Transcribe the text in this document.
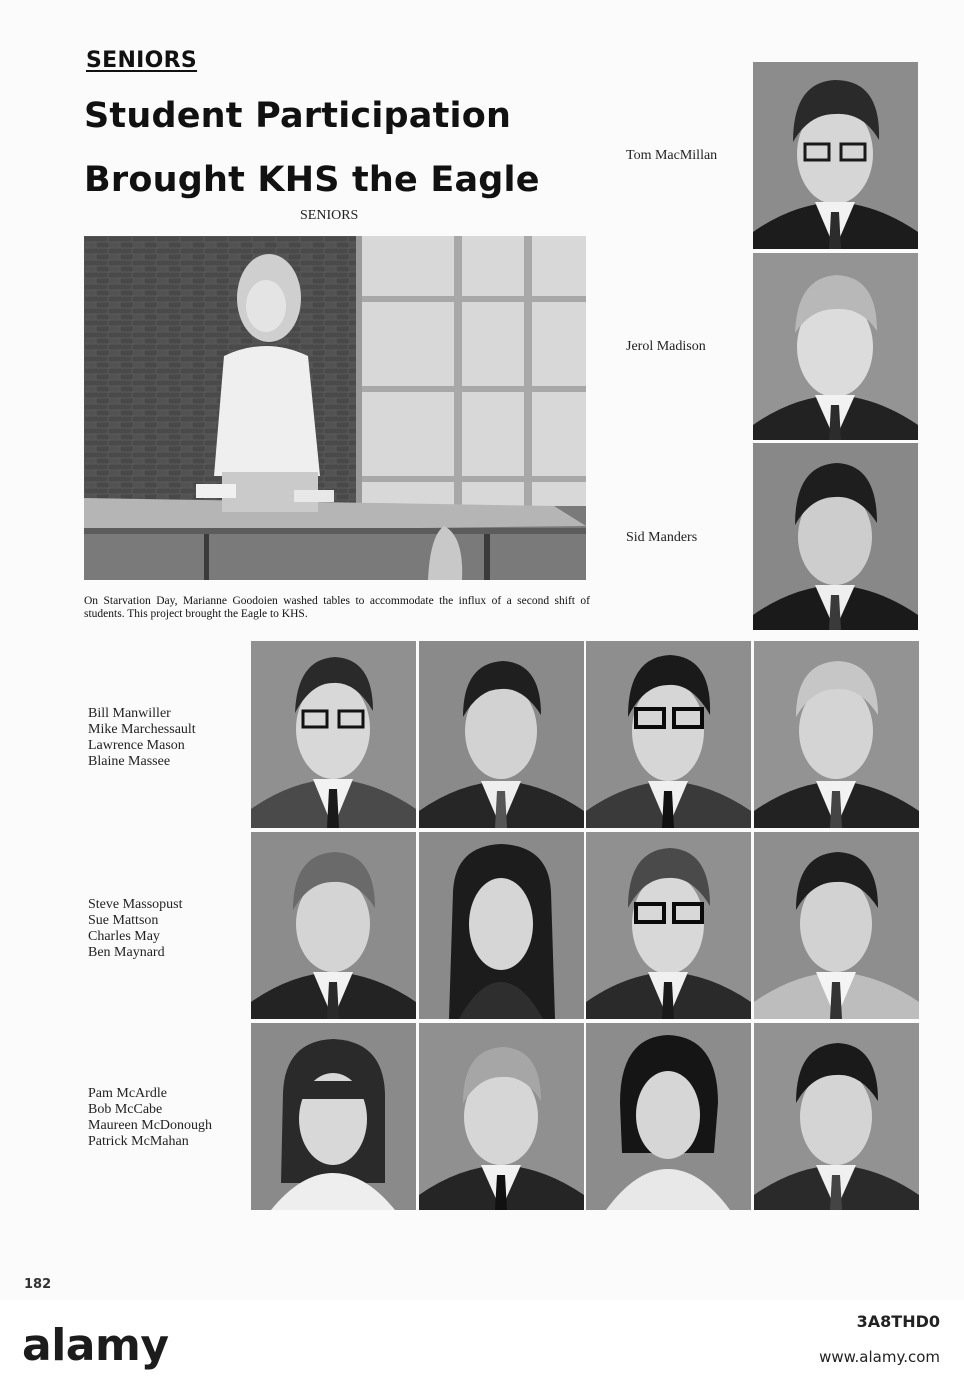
SENIORS
Student Participation
Brought KHS the Eagle
SENIORS

On Starvation Day, Marianne Goodoien washed tables to accommodate the influx of a second shift of students. This project brought the Eagle to KHS.

Tom MacMillan
Jerol Madison
Sid Manders
Bill Manwiller
Mike Marchessault
Lawrence Mason
Blaine Massee
Steve Massopust
Sue Mattson
Charles May
Ben Maynard
Pam McArdle
Bob McCabe
Maureen McDonough
Patrick McMahan
182
alamy	3A8THD0
www.alamy.com
